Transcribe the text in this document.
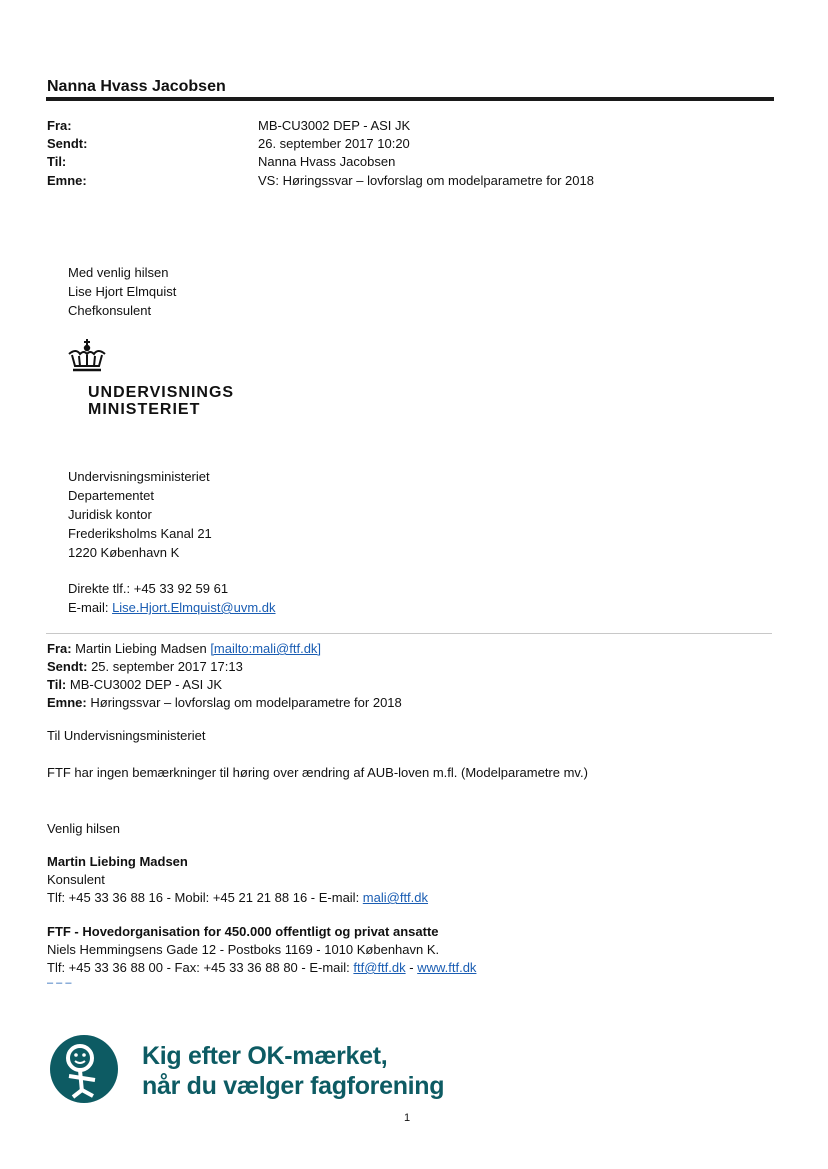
Nanna Hvass Jacobsen
Fra:	MB-CU3002 DEP - ASI JK
Sendt:	26. september 2017 10:20
Til:	Nanna Hvass Jacobsen
Emne:	VS: Høringssvar – lovforslag om modelparametre for 2018
Med venlig hilsen
Lise Hjort Elmquist
Chefkonsulent
UNDERVISNINGS
MINISTERIET
Undervisningsministeriet
Departementet
Juridisk kontor
Frederiksholms Kanal 21
1220 København K
Direkte tlf.: +45 33 92 59 61
E-mail: Lise.Hjort.Elmquist@uvm.dk
Fra: Martin Liebing Madsen [mailto:mali@ftf.dk]
Sendt: 25. september 2017 17:13
Til: MB-CU3002 DEP - ASI JK
Emne: Høringssvar – lovforslag om modelparametre for 2018
Til Undervisningsministeriet
FTF har ingen bemærkninger til høring over ændring af AUB-loven m.fl. (Modelparametre mv.)
Venlig hilsen
Martin Liebing Madsen
Konsulent
Tlf: +45 33 36 88 16 - Mobil: +45 21 21 88 16 - E-mail: mali@ftf.dk
FTF - Hovedorganisation for 450.000 offentligt og privat ansatte
Niels Hemmingsens Gade 12 - Postboks 1169 - 1010 København K.
Tlf: +45 33 36 88 00 - Fax: +45 33 36 88 80 - E-mail: ftf@ftf.dk - www.ftf.dk
– – –
Kig efter OK-mærket,
når du vælger fagforening
1
